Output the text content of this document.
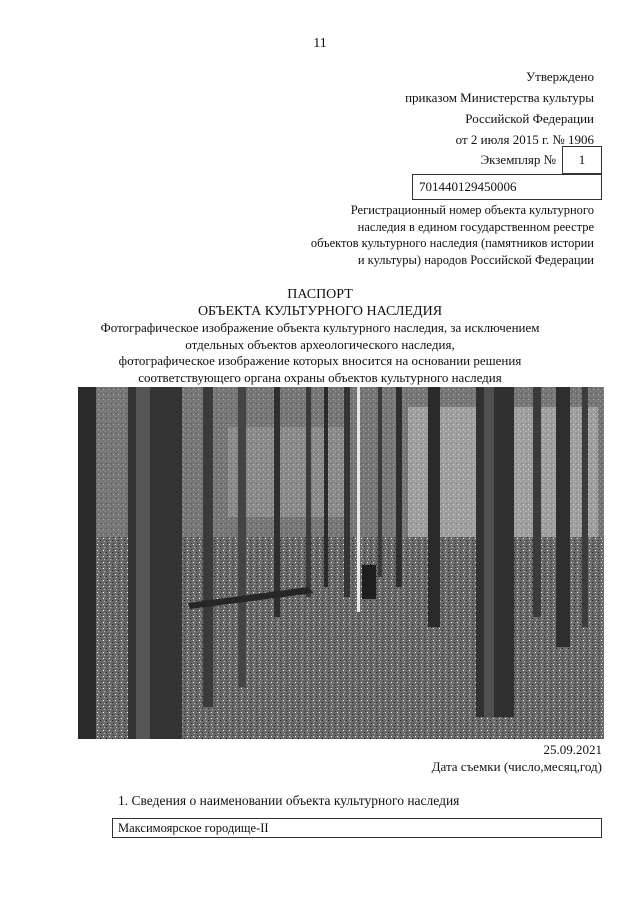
11
Утверждено
приказом Министерства культуры
Российской Федерации
от 2 июля 2015 г. № 1906
Экземпляр №	1
701440129450006
Регистрационный номер объекта культурного
наследия в едином государственном реестре
объектов культурного наследия (памятников истории
и культуры) народов Российской Федерации
ПАСПОРТ
ОБЪЕКТА КУЛЬТУРНОГО НАСЛЕДИЯ
Фотографическое изображение объекта культурного наследия, за исключением
отдельных объектов археологического наследия,
фотографическое изображение которых вносится на основании решения
соответствующего органа охраны объектов культурного наследия
25.09.2021
Дата съемки (число,месяц,год)
1. Сведения о наименовании объекта культурного наследия
Максимоярское городище-II
